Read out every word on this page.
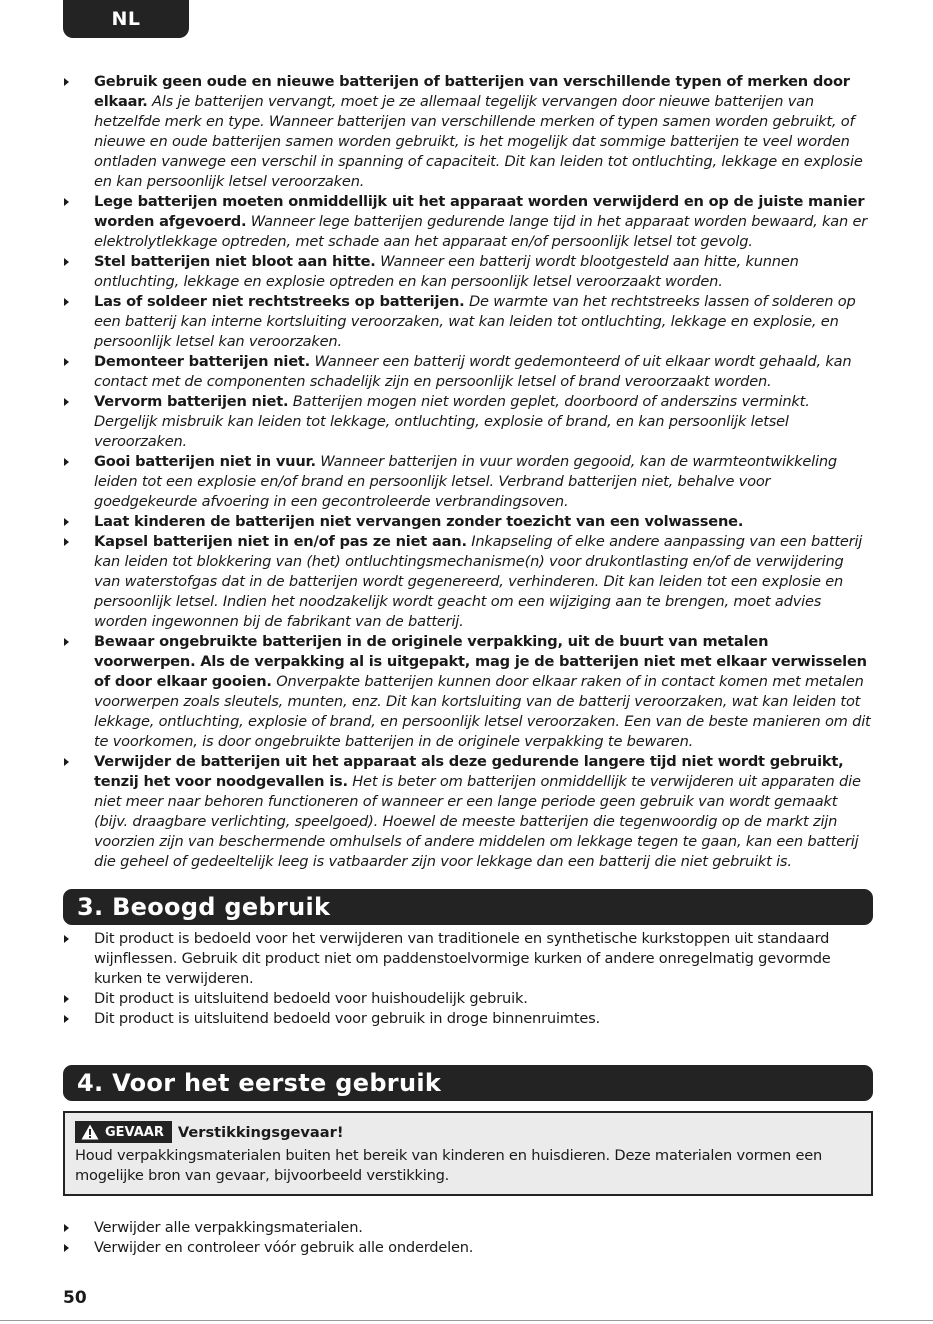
NL
Gebruik geen oude en nieuwe batterijen of batterijen van verschillende typen of merken door elkaar. Als je batterijen vervangt, moet je ze allemaal tegelijk vervangen door nieuwe batterijen van hetzelfde merk en type. Wanneer batterijen van verschillende merken of typen samen worden gebruikt, of nieuwe en oude batterijen samen worden gebruikt, is het mogelijk dat sommige batterijen te veel worden ontladen vanwege een verschil in spanning of capaciteit. Dit kan leiden tot ontluchting, lekkage en explosie en kan persoonlijk letsel veroorzaken.
Lege batterijen moeten onmiddellijk uit het apparaat worden verwijderd en op de juiste manier worden afgevoerd. Wanneer lege batterijen gedurende lange tijd in het apparaat worden bewaard, kan er elektrolytlekkage optreden, met schade aan het apparaat en/of persoonlijk letsel tot gevolg.
Stel batterijen niet bloot aan hitte. Wanneer een batterij wordt blootgesteld aan hitte, kunnen ontluchting, lekkage en explosie optreden en kan persoonlijk letsel veroorzaakt worden.
Las of soldeer niet rechtstreeks op batterijen. De warmte van het rechtstreeks lassen of solderen op een batterij kan interne kortsluiting veroorzaken, wat kan leiden tot ontluchting, lekkage en explosie, en persoonlijk letsel kan veroorzaken.
Demonteer batterijen niet. Wanneer een batterij wordt gedemonteerd of uit elkaar wordt gehaald, kan contact met de componenten schadelijk zijn en persoonlijk letsel of brand veroorzaakt worden.
Vervorm batterijen niet. Batterijen mogen niet worden geplet, doorboord of anderszins verminkt. Dergelijk misbruik kan leiden tot lekkage, ontluchting, explosie of brand, en kan persoonlijk letsel veroorzaken.
Gooi batterijen niet in vuur. Wanneer batterijen in vuur worden gegooid, kan de warmteontwikkeling leiden tot een explosie en/of brand en persoonlijk letsel. Verbrand batterijen niet, behalve voor goedgekeurde afvoering in een gecontroleerde verbrandingsoven.
Laat kinderen de batterijen niet vervangen zonder toezicht van een volwassene.
Kapsel batterijen niet in en/of pas ze niet aan. Inkapseling of elke andere aanpassing van een batterij kan leiden tot blokkering van (het) ontluchtingsmechanisme(n) voor drukontlasting en/of de verwijdering van waterstofgas dat in de batterijen wordt gegenereerd, verhinderen. Dit kan leiden tot een explosie en persoonlijk letsel. Indien het noodzakelijk wordt geacht om een wijziging aan te brengen, moet advies worden ingewonnen bij de fabrikant van de batterij.
Bewaar ongebruikte batterijen in de originele verpakking, uit de buurt van metalen voorwerpen. Als de verpakking al is uitgepakt, mag je de batterijen niet met elkaar verwisselen of door elkaar gooien. Onverpakte batterijen kunnen door elkaar raken of in contact komen met metalen voorwerpen zoals sleutels, munten, enz. Dit kan kortsluiting van de batterij veroorzaken, wat kan leiden tot lekkage, ontluchting, explosie of brand, en persoonlijk letsel veroorzaken. Een van de beste manieren om dit te voorkomen, is door ongebruikte batterijen in de originele verpakking te bewaren.
Verwijder de batterijen uit het apparaat als deze gedurende langere tijd niet wordt gebruikt, tenzij het voor noodgevallen is. Het is beter om batterijen onmiddellijk te verwijderen uit apparaten die niet meer naar behoren functioneren of wanneer er een lange periode geen gebruik van wordt gemaakt (bijv. draagbare verlichting, speelgoed). Hoewel de meeste batterijen die tegenwoordig op de markt zijn voorzien zijn van beschermende omhulsels of andere middelen om lekkage tegen te gaan, kan een batterij die geheel of gedeeltelijk leeg is vatbaarder zijn voor lekkage dan een batterij die niet gebruikt is.
3. Beoogd gebruik
Dit product is bedoeld voor het verwijderen van traditionele en synthetische kurkstoppen uit standaard wijnflessen. Gebruik dit product niet om paddenstoelvormige kurken of andere onregelmatig gevormde kurken te verwijderen.
Dit product is uitsluitend bedoeld voor huishoudelijk gebruik.
Dit product is uitsluitend bedoeld voor gebruik in droge binnenruimtes.
4. Voor het eerste gebruik
GEVAAR Verstikkingsgevaar!
Houd verpakkingsmaterialen buiten het bereik van kinderen en huisdieren. Deze materialen vormen een mogelijke bron van gevaar, bijvoorbeeld verstikking.
Verwijder alle verpakkingsmaterialen.
Verwijder en controleer vóór gebruik alle onderdelen.
50
